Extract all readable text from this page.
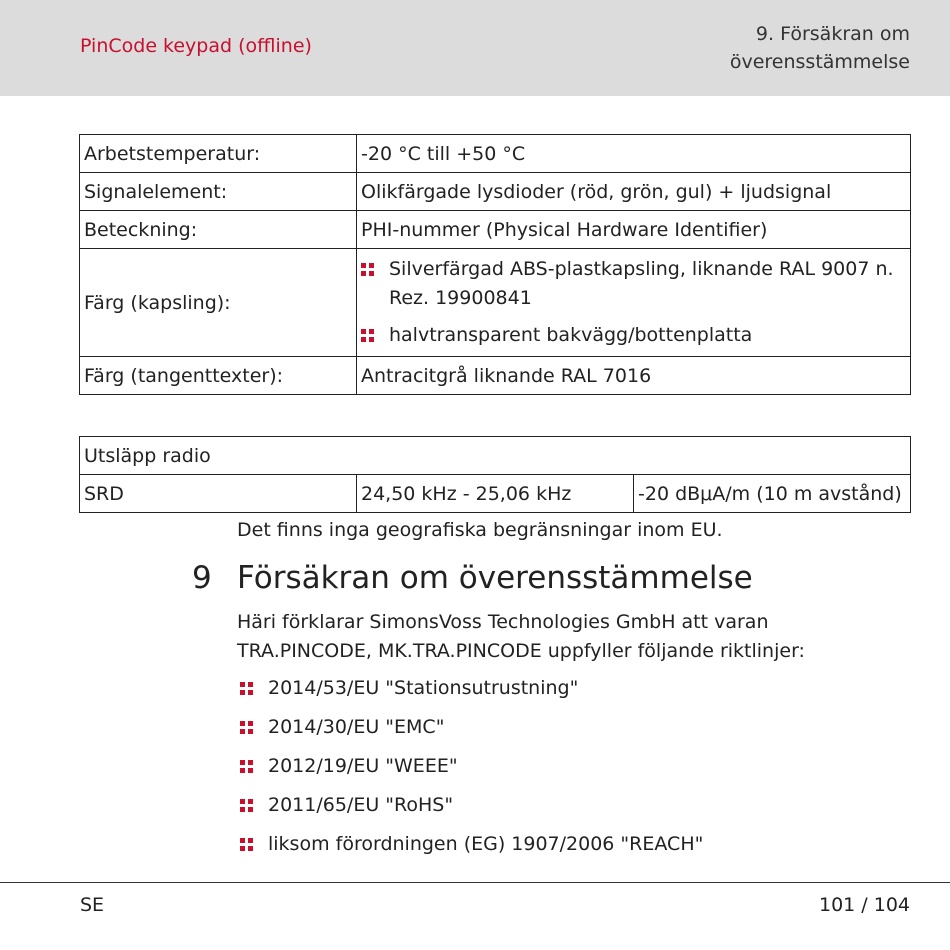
PinCode keypad (offline)
9. Försäkran om
överensstämmelse
Arbetstemperatur:	-20 °C till +50 °C
Signalelement:	Olikfärgade lysdioder (röd, grön, gul) + ljudsignal
Beteckning:	PHI-nummer (Physical Hardware Identifier)
Färg (kapsling):	Silverfärgad ABS-plastkapsling, liknande RAL 9007 n. Rez. 19900841
halvtransparent bakvägg/bottenplatta

Färg (tangenttexter):	Antracitgrå liknande RAL 7016
Utsläpp radio
SRD	24,50 kHz - 25,06 kHz	-20 dBμA/m (10 m avstånd)
Det finns inga geografiska begränsningar inom EU.
9 Försäkran om överensstämmelse
Häri förklarar SimonsVoss Technologies GmbH att varan
TRA.PINCODE, MK.TRA.PINCODE uppfyller följande riktlinjer:
2014/53/EU "Stationsutrustning"
2014/30/EU "EMC"
2012/19/EU "WEEE"
2011/65/EU "RoHS"
liksom förordningen (EG) 1907/2006 "REACH"
SE	101 / 104
